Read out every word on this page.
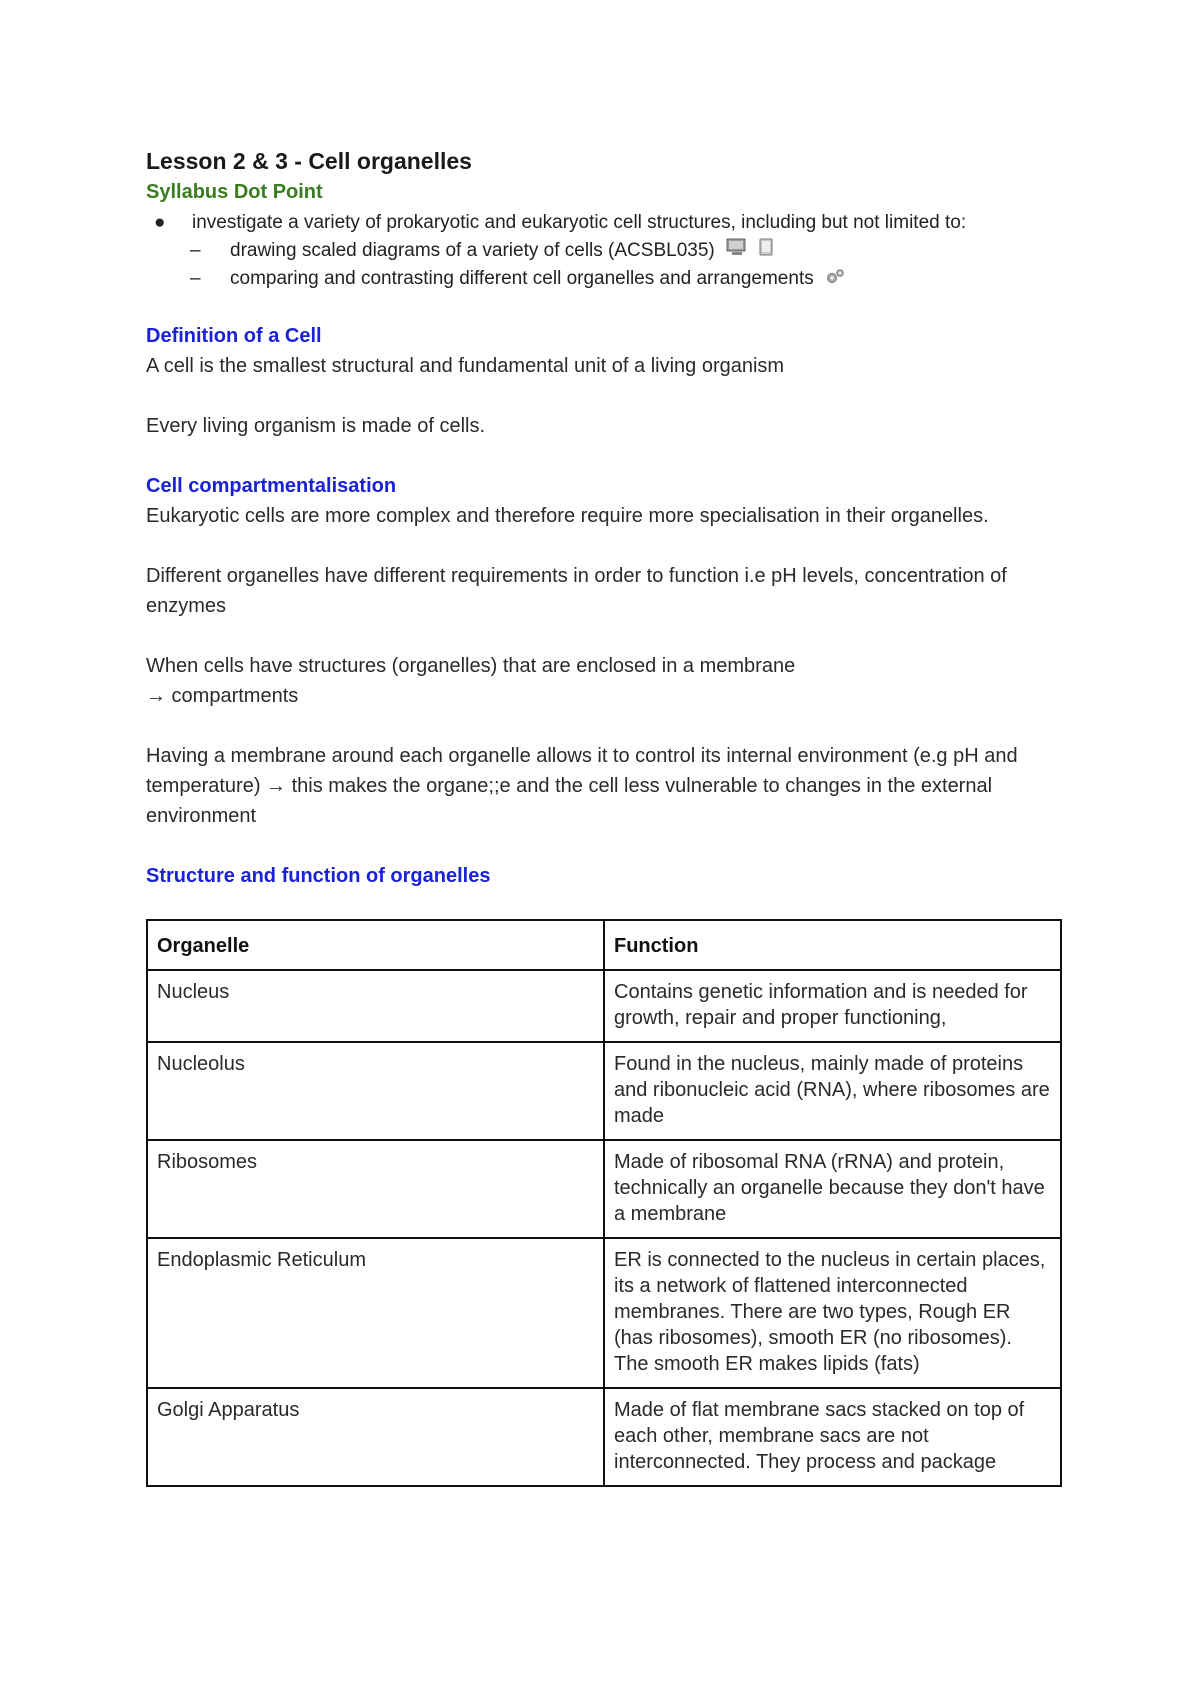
Lesson 2 & 3 - Cell organelles
Syllabus Dot Point
● investigate a variety of prokaryotic and eukaryotic cell structures, including but not limited to:
– drawing scaled diagrams of a variety of cells (ACSBL035)
– comparing and contrasting different cell organelles and arrangements
Definition of a Cell

A cell is the smallest structural and fundamental unit of a living organism

Every living organism is made of cells.

Cell compartmentalisation

Eukaryotic cells are more complex and therefore require more specialisation in their organelles.

Different organelles have different requirements in order to function i.e pH levels, concentration of enzymes

When cells have structures (organelles) that are enclosed in a membrane
→ compartments

Having a membrane around each organelle allows it to control its internal environment (e.g pH and temperature) → this makes the organe;;e and the cell less vulnerable to changes in the external environment

Structure and function of organelles
Organelle	Function
Nucleus	Contains genetic information and is needed for growth, repair and proper functioning,
Nucleolus	Found in the nucleus, mainly made of proteins and ribonucleic acid (RNA), where ribosomes are made
Ribosomes	Made of ribosomal RNA (rRNA) and protein, technically an organelle because they don't have a membrane
Endoplasmic Reticulum	ER is connected to the nucleus in certain places, its a network of flattened interconnected membranes. There are two types, Rough ER (has ribosomes), smooth ER (no ribosomes). The smooth ER makes lipids (fats)
Golgi Apparatus	Made of flat membrane sacs stacked on top of each other, membrane sacs are not interconnected. They process and package
